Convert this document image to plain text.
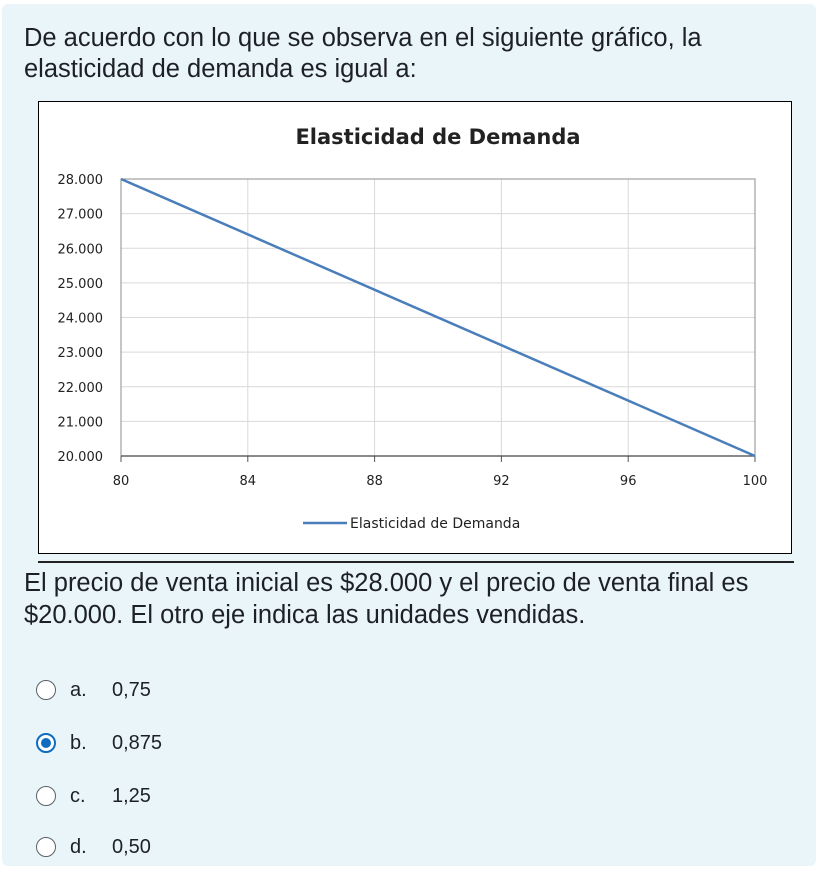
De acuerdo con lo que se observa en el siguiente gráfico, la elasticidad de demanda es igual a:
Elasticidad de Demanda
28.000
27.000
26.000
25.000
24.000
23.000
22.000
21.000
20.000
80	84	88	92	96	100
Elasticidad de Demanda
El precio de venta inicial es $28.000 y el precio de venta final es $20.000. El otro eje indica las unidades vendidas.
a.	0,75
b.	0,875
c.	1,25
d.	0,50
